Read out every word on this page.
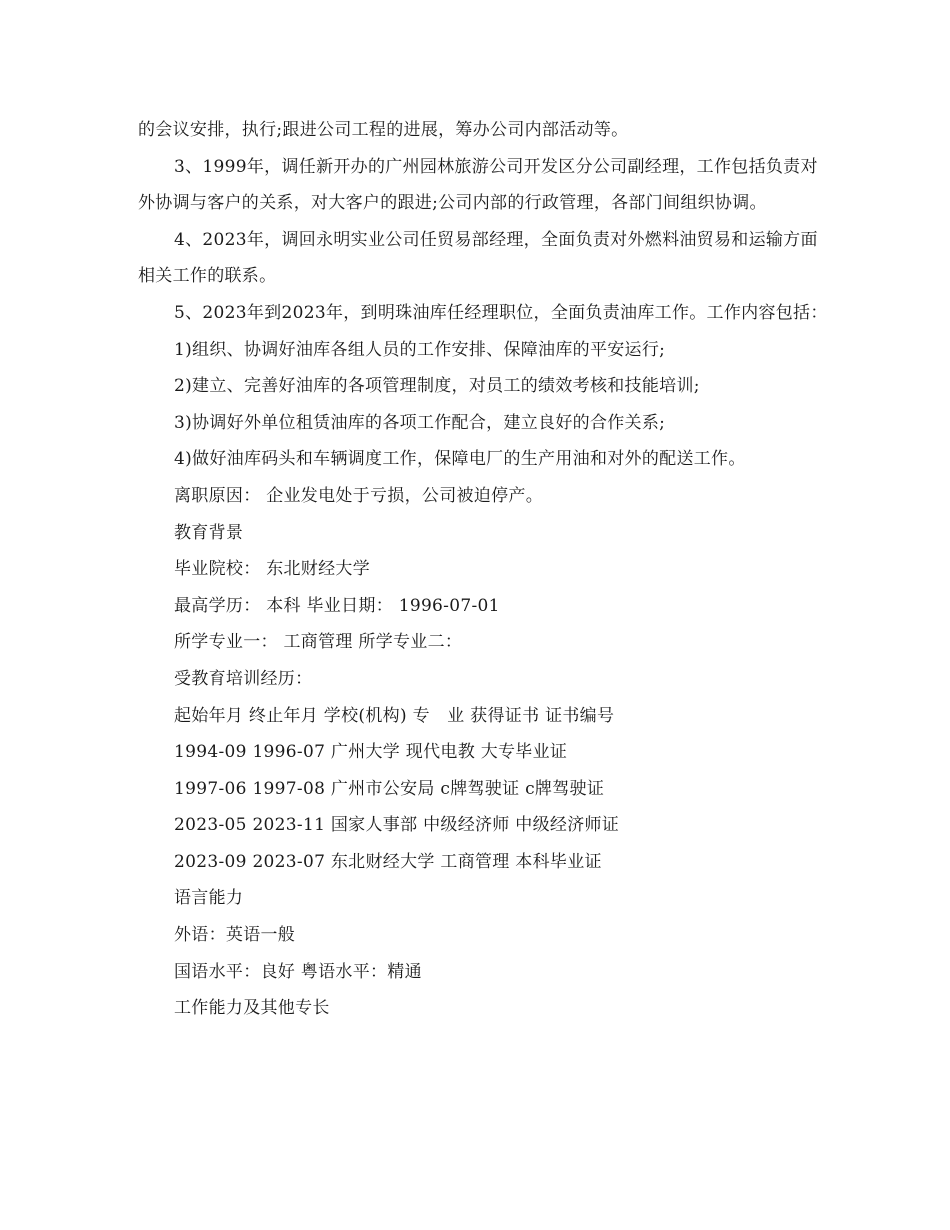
的会议安排，执行;跟进公司工程的进展，筹办公司内部活动等。

3、1999年，调任新开办的广州园林旅游公司开发区分公司副经理，工作包括负责对外协调与客户的关系，对大客户的跟进;公司内部的行政管理，各部门间组织协调。

4、2023年，调回永明实业公司任贸易部经理，全面负责对外燃料油贸易和运输方面相关工作的联系。

5、2023年到2023年，到明珠油库任经理职位，全面负责油库工作。工作内容包括：

1)组织、协调好油库各组人员的工作安排、保障油库的平安运行;

2)建立、完善好油库的各项管理制度，对员工的绩效考核和技能培训;

3)协调好外单位租赁油库的各项工作配合，建立良好的合作关系;

4)做好油库码头和车辆调度工作，保障电厂的生产用油和对外的配送工作。

离职原因： 企业发电处于亏损，公司被迫停产。

教育背景

毕业院校： 东北财经大学

最高学历： 本科 毕业日期： 1996-07-01

所学专业一： 工商管理 所学专业二：

受教育培训经历：

起始年月 终止年月 学校(机构) 专　业 获得证书 证书编号

1994-09 1996-07 广州大学 现代电教 大专毕业证

1997-06 1997-08 广州市公安局 c牌驾驶证 c牌驾驶证

2023-05 2023-11 国家人事部 中级经济师 中级经济师证

2023-09 2023-07 东北财经大学 工商管理 本科毕业证

语言能力

外语：英语一般

国语水平：良好 粤语水平：精通

工作能力及其他专长
